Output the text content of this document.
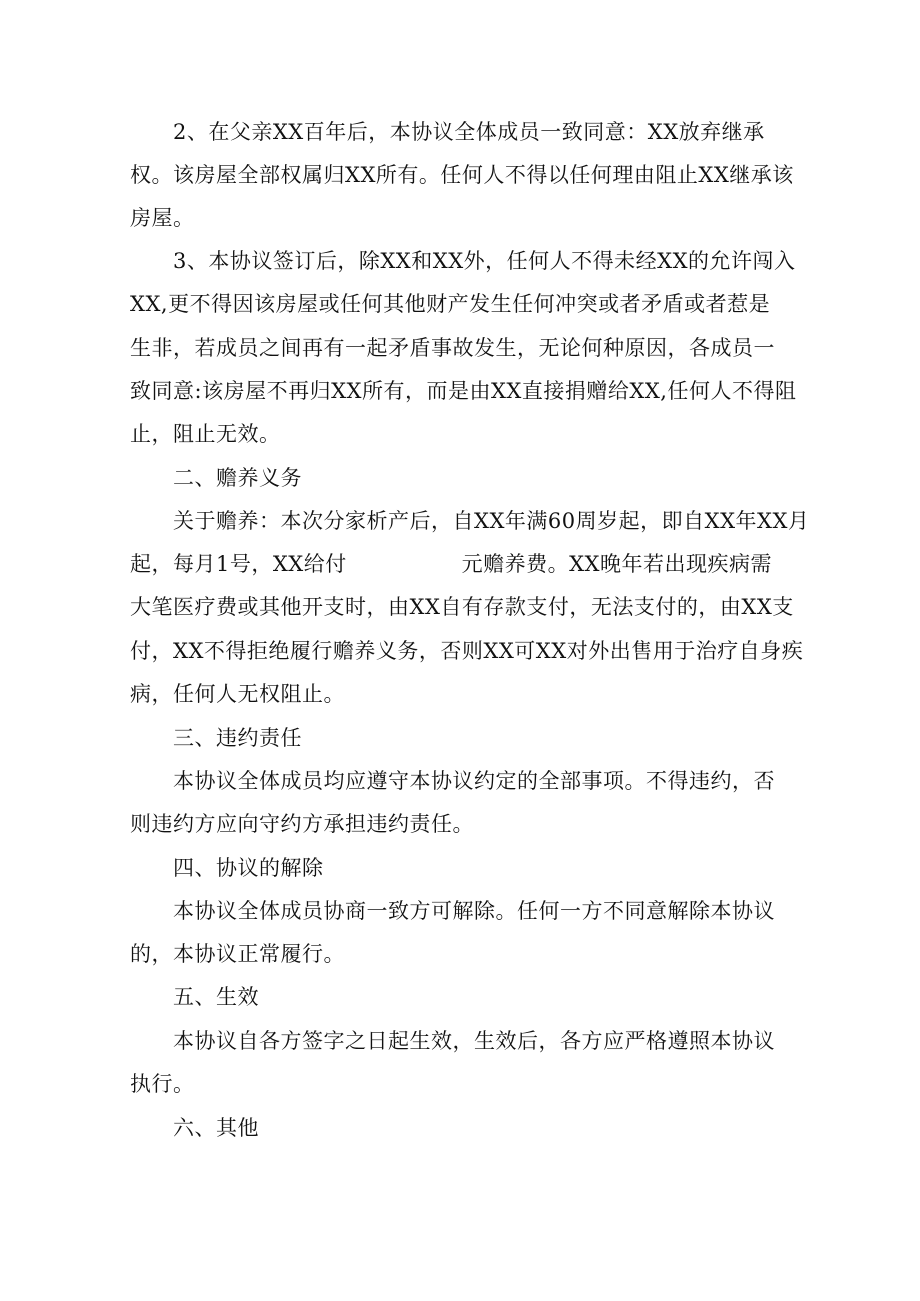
2、在父亲XX百年后，本协议全体成员一致同意：XX放弃继承

权。该房屋全部权属归XX所有。任何人不得以任何理由阻止XX继承该

房屋。

3、本协议签订后，除XX和XX外，任何人不得未经XX的允许闯入

XX,更不得因该房屋或任何其他财产发生任何冲突或者矛盾或者惹是

生非，若成员之间再有一起矛盾事故发生，无论何种原因，各成员一

致同意:该房屋不再归XX所有，而是由XX直接捐赠给XX,任何人不得阻

止，阻止无效。

二、赡养义务

关于赡养：本次分家析产后，自XX年满60周岁起，即自XX年XX月

起，每月1号，XX给付                元赡养费。XX晚年若出现疾病需

大笔医疗费或其他开支时，由XX自有存款支付，无法支付的，由XX支

付，XX不得拒绝履行赡养义务，否则XX可XX对外出售用于治疗自身疾

病，任何人无权阻止。

三、违约责任

本协议全体成员均应遵守本协议约定的全部事项。不得违约，否

则违约方应向守约方承担违约责任。

四、协议的解除

本协议全体成员协商一致方可解除。任何一方不同意解除本协议

的，本协议正常履行。

五、生效

本协议自各方签字之日起生效，生效后，各方应严格遵照本协议

执行。

六、其他
